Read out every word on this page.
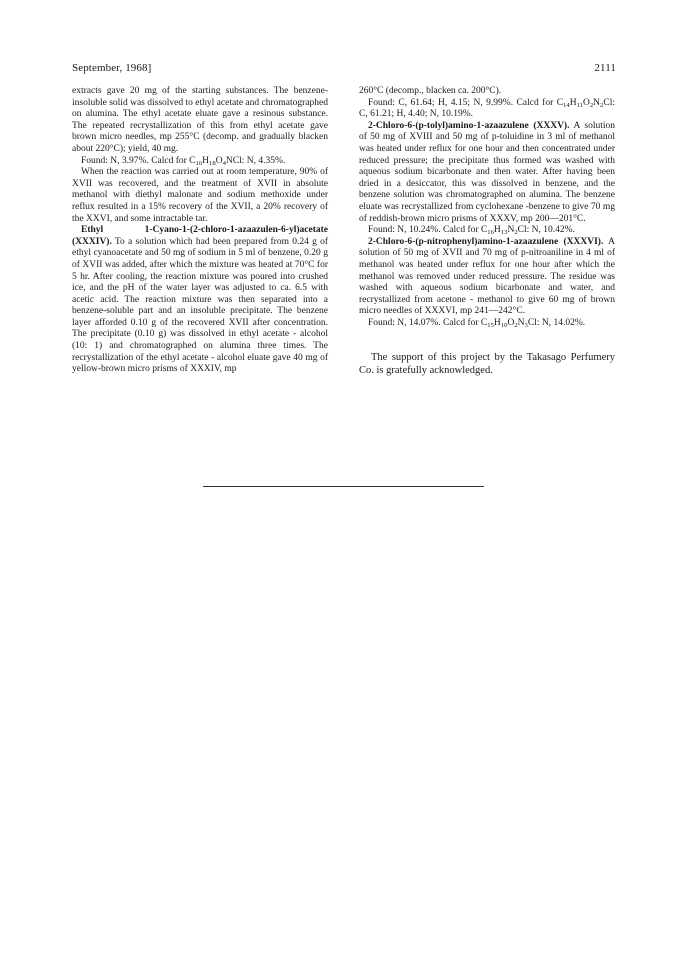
September, 1968]	2111

extracts gave 20 mg of the starting substances. The benzene-insoluble solid was dissolved to ethyl acetate and chromatographed on alumina. The ethyl acetate eluate gave a resinous substance. The repeated recrystallization of this from ethyl acetate gave brown micro needles, mp 255°C (decomp. and gradually blacken about 220°C); yield, 40 mg.

Found: N, 3.97%. Calcd for $C_{16}H_{18}O_4NCl$: N, 4.35%.

When the reaction was carried out at room temperature, 90% of XVII was recovered, and the treatment of XVII in absolute methanol with diethyl malonate and sodium methoxide under reflux resulted in a 15% recovery of the XVII, a 20% recovery of the XXVI, and some intractable tar.

Ethyl 1-Cyano-1-(2-chloro-1-azaazulen-6-yl)acetate (XXXIV). To a solution which had been prepared from 0.24 g of ethyl cyanoacetate and 50 mg of sodium in 5 ml of benzene, 0.20 g of XVII was added, after which the mixture was heated at 70°C for 5 hr. After cooling, the reaction mixture was poured into crushed ice, and the pH of the water layer was adjusted to ca. 6.5 with acetic acid. The reaction mixture was then separated into a benzene-soluble part and an insoluble precipitate. The benzene layer afforded 0.10 g of the recovered XVII after concentration. The precipitate (0.10 g) was dissolved in ethyl acetate - alcohol (10: 1) and chromatographed on alumina three times. The recrystallization of the ethyl acetate - alcohol eluate gave 40 mg of yellow-brown micro prisms of XXXIV, mp

260°C (decomp., blacken ca. 200°C).

Found: C, 61.64; H, 4.15; N, 9.99%. Calcd for $C_{14}H_{11}O_2N_2Cl$: C, 61.21; H, 4.40; N, 10.19%.

2-Chloro-6-(p-tolyl)amino-1-azaazulene (XXXV). A solution of 50 mg of XVIII and 50 mg of p-toluidine in 3 ml of methanol was heated under reflux for one hour and then concentrated under reduced pressure; the precipitate thus formed was washed with aqueous sodium bicarbonate and then water. After having been dried in a desiccator, this was dissolved in benzene, and the benzene solution was chromatographed on alumina. The benzene eluate was recrystallized from cyclohexane -benzene to give 70 mg of reddish-brown micro prisms of XXXV, mp 200—201°C.

Found: N, 10.24%. Calcd for $C_{16}H_{13}N_2Cl$: N, 10.42%.

2-Chloro-6-(p-nitrophenyl)amino-1-azaazulene (XXXVI). A solution of 50 mg of XVII and 70 mg of p-nitroaniline in 4 ml of methanol was heated under reflux for one hour after which the methanol was removed under reduced pressure. The residue was washed with aqueous sodium bicarbonate and water, and recrystallized from acetone - methanol to give 60 mg of brown micro needles of XXXVI, mp 241—242°C.

Found: N, 14.07%. Calcd for $C_{15}H_{10}O_2N_3Cl$: N, 14.02%.

The support of this project by the Takasago Perfumery Co. is gratefully acknowledged.
